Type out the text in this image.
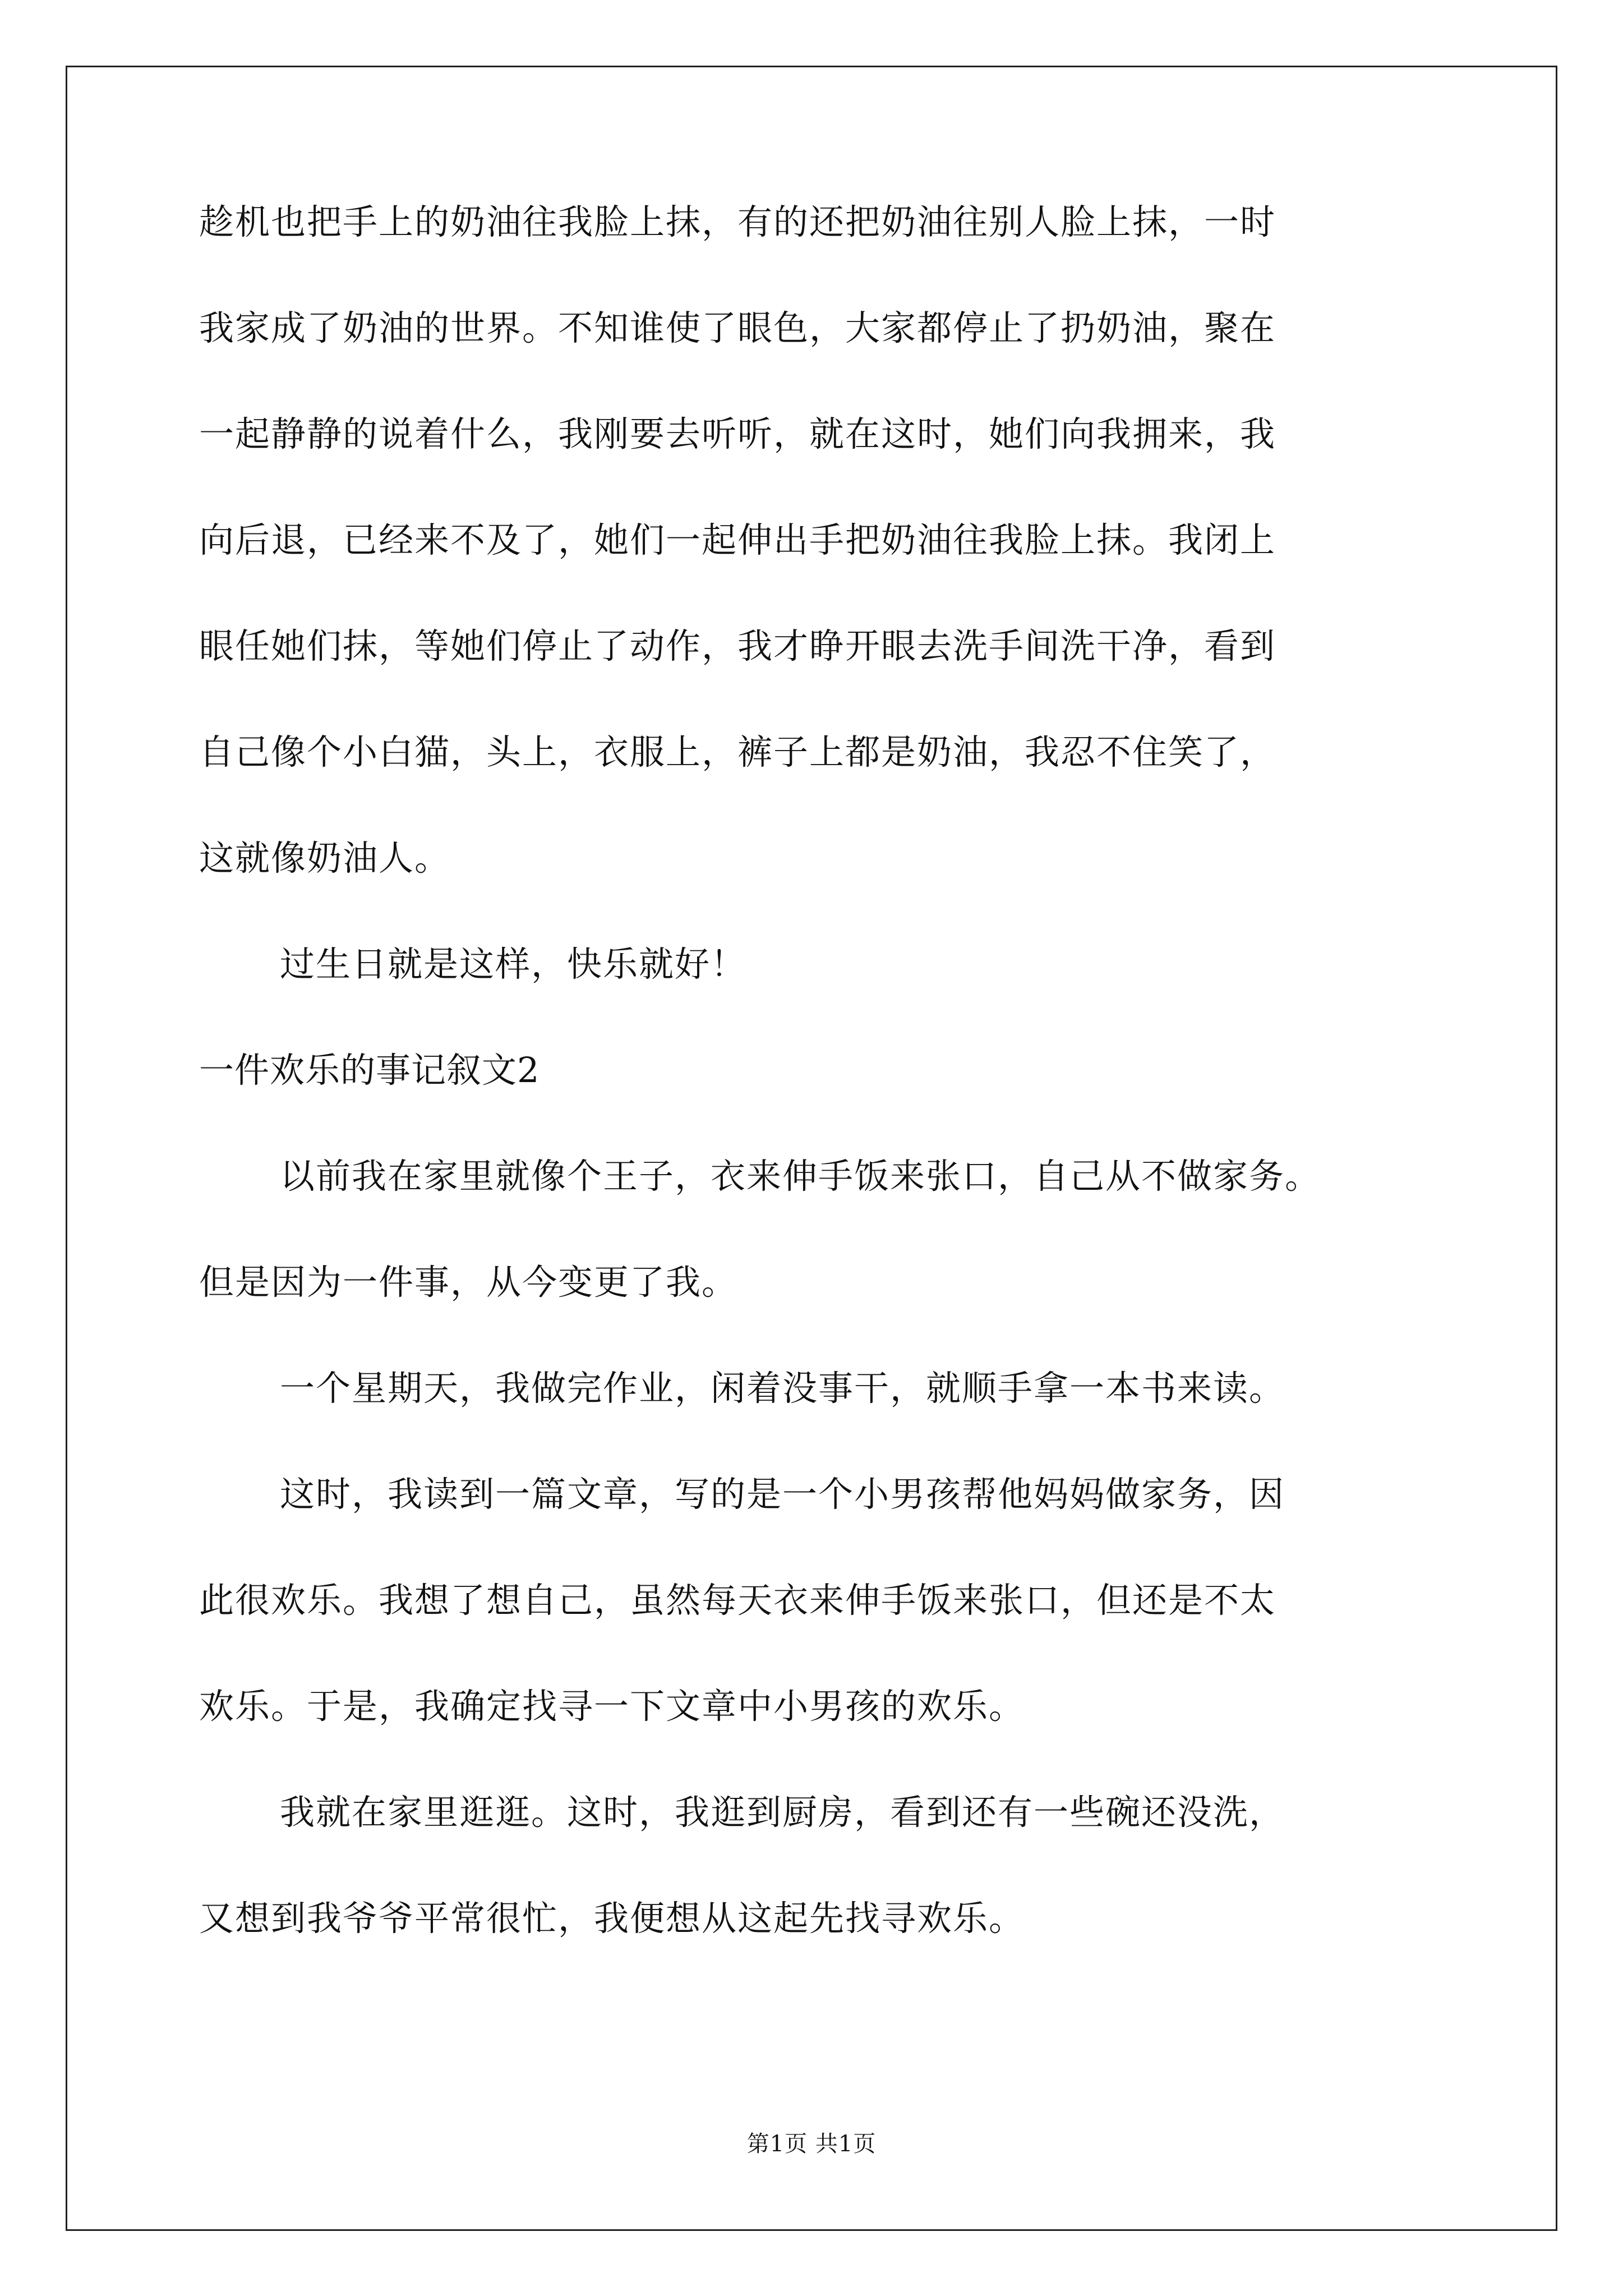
趁机也把手上的奶油往我脸上抹，有的还把奶油往别人脸上抹，一时
我家成了奶油的世界。不知谁使了眼色，大家都停止了扔奶油，聚在
一起静静的说着什么，我刚要去听听，就在这时，她们向我拥来，我
向后退，已经来不及了，她们一起伸出手把奶油往我脸上抹。我闭上
眼任她们抹，等她们停止了动作，我才睁开眼去洗手间洗干净，看到
自己像个小白猫，头上，衣服上，裤子上都是奶油，我忍不住笑了，
这就像奶油人。
过生日就是这样，快乐就好！
一件欢乐的事记叙文2
以前我在家里就像个王子，衣来伸手饭来张口，自己从不做家务。
但是因为一件事，从今变更了我。
一个星期天，我做完作业，闲着没事干，就顺手拿一本书来读。
这时，我读到一篇文章，写的是一个小男孩帮他妈妈做家务，因
此很欢乐。我想了想自己，虽然每天衣来伸手饭来张口，但还是不太
欢乐。于是，我确定找寻一下文章中小男孩的欢乐。
我就在家里逛逛。这时，我逛到厨房，看到还有一些碗还没洗，
又想到我爷爷平常很忙，我便想从这起先找寻欢乐。
第1页 共1页
